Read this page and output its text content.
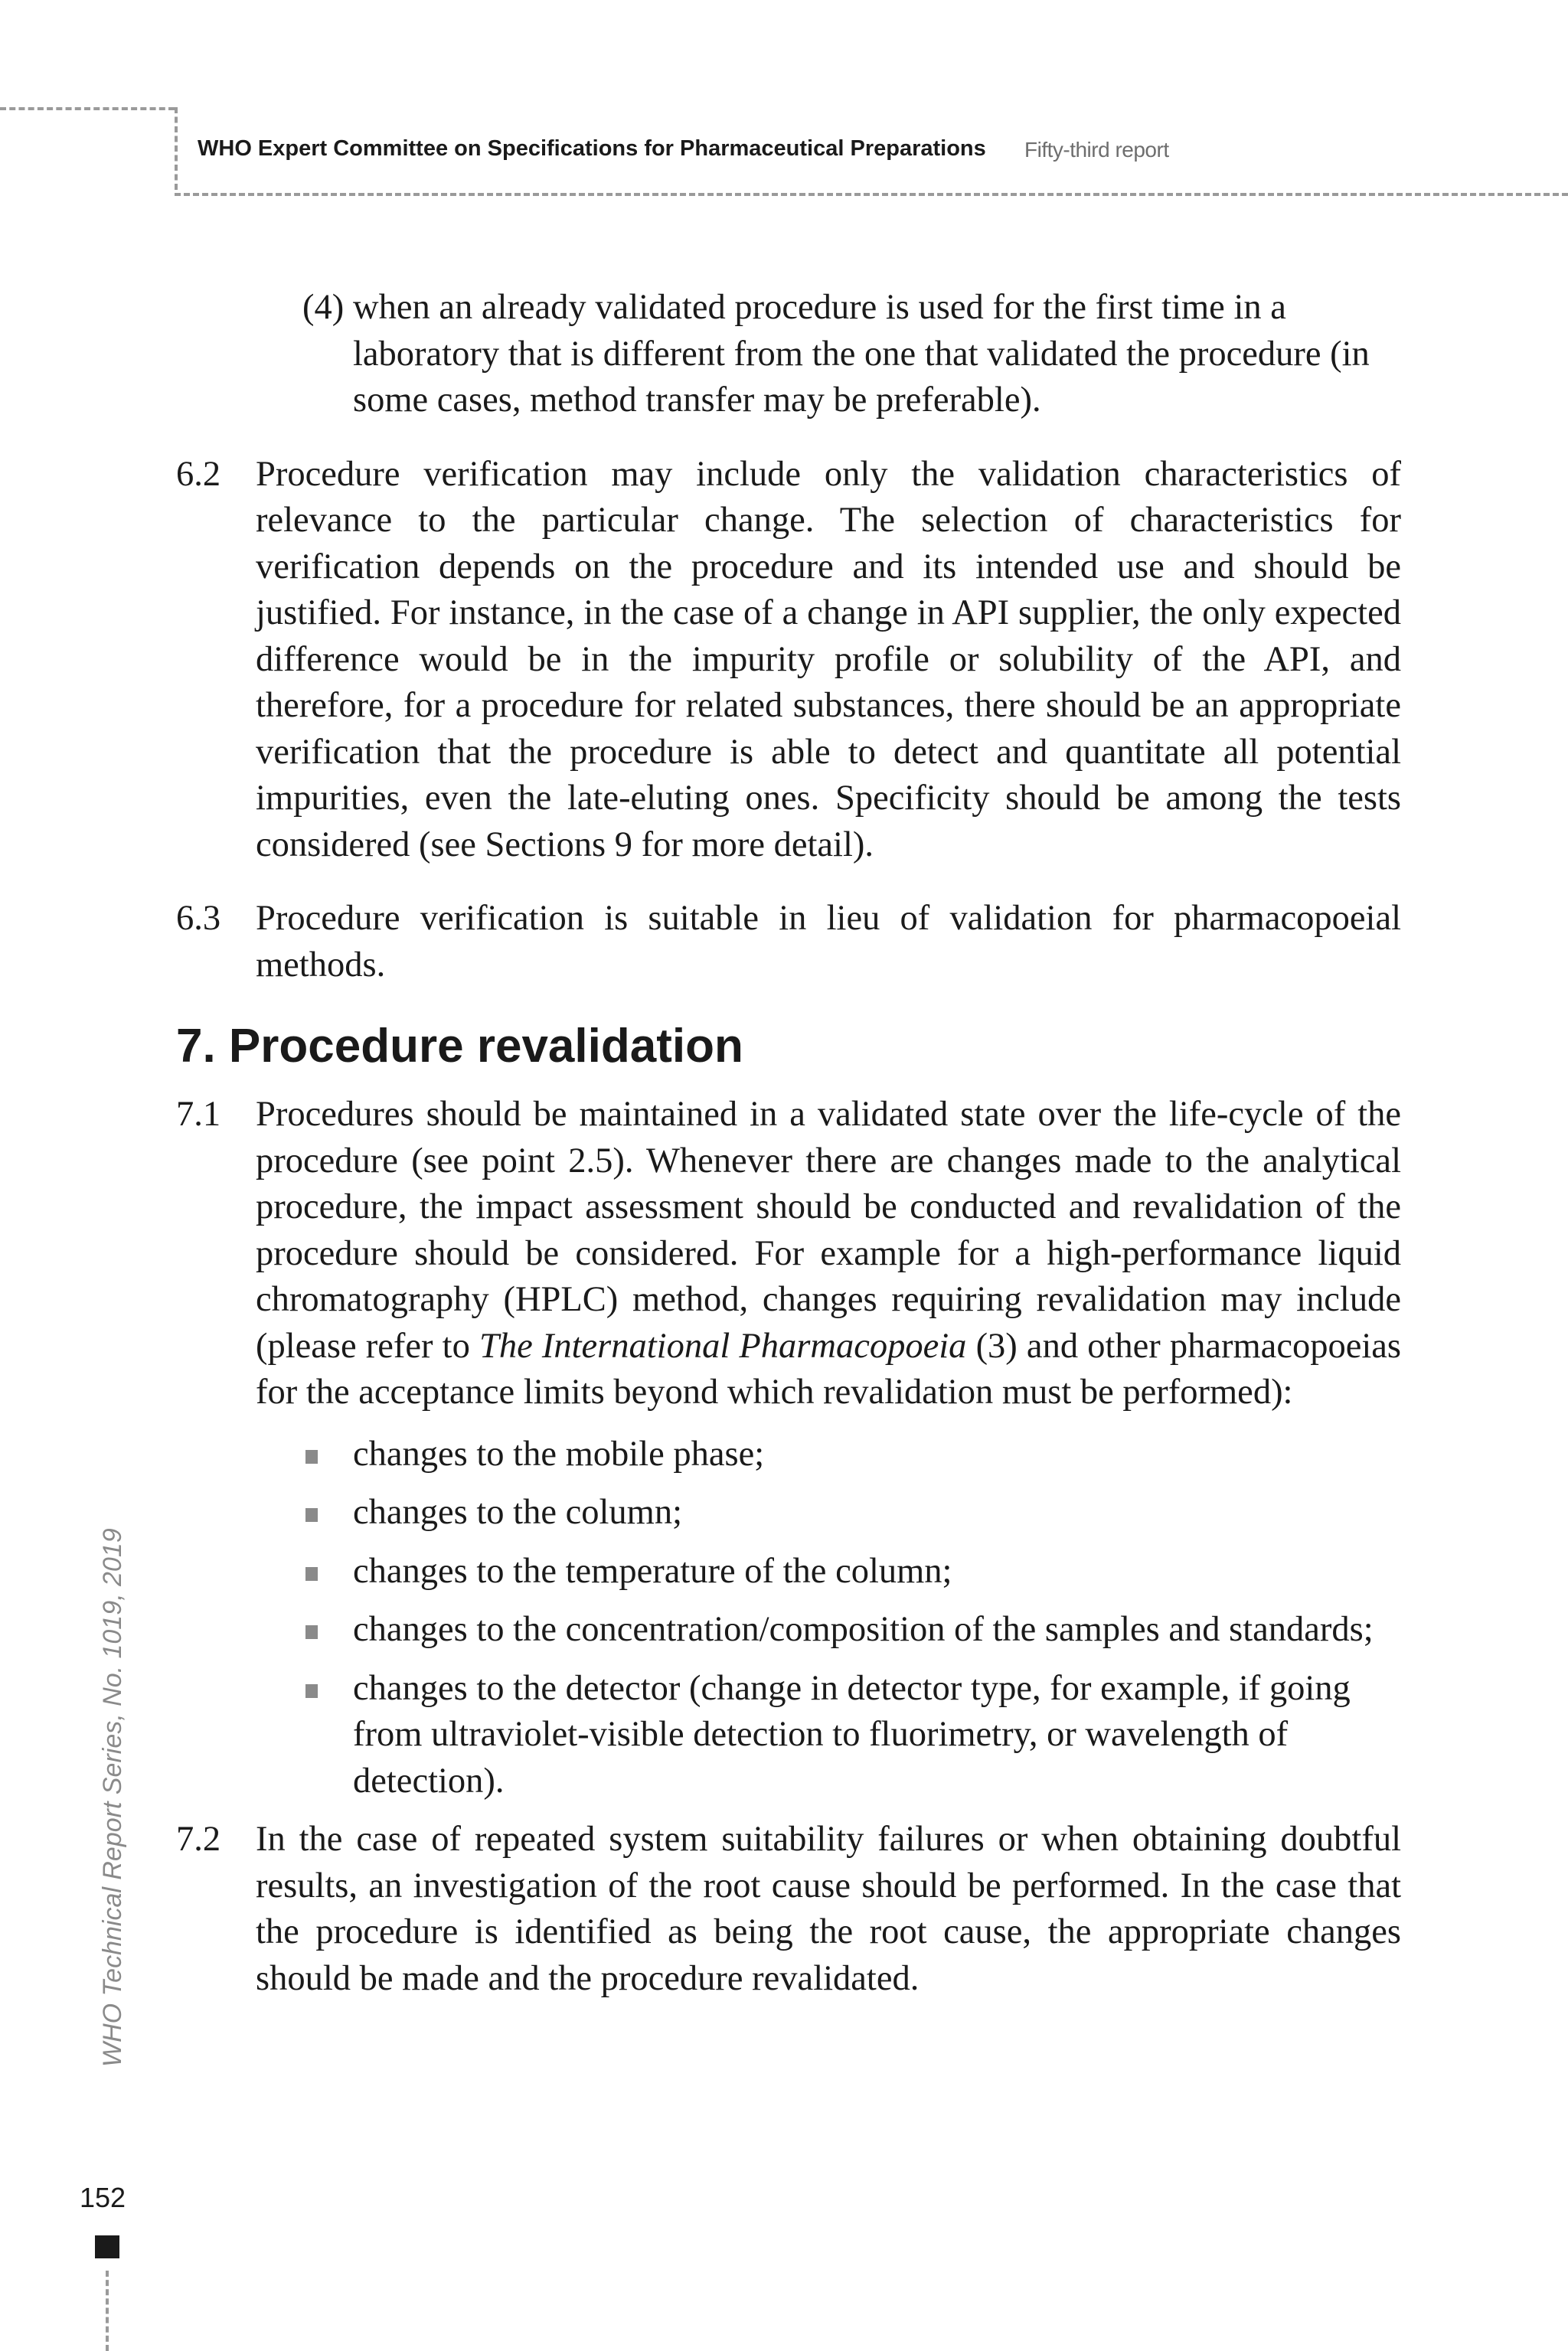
WHO Expert Committee on Specifications for Pharmaceutical Preparations Fifty-third report
(4) when an already validated procedure is used for the first time in a laboratory that is different from the one that validated the procedure (in some cases, method transfer may be preferable).
6.2 Procedure verification may include only the validation characteristics of relevance to the particular change. The selection of characteristics for verification depends on the procedure and its intended use and should be justified. For instance, in the case of a change in API supplier, the only expected difference would be in the impurity profile or solubility of the API, and therefore, for a procedure for related substances, there should be an appropriate verification that the procedure is able to detect and quantitate all potential impurities, even the late-eluting ones. Specificity should be among the tests considered (see Sections 9 for more detail).
6.3 Procedure verification is suitable in lieu of validation for pharmacopoeial methods.
7. Procedure revalidation
7.1 Procedures should be maintained in a validated state over the life-cycle of the procedure (see point 2.5). Whenever there are changes made to the analytical procedure, the impact assessment should be conducted and revalidation of the procedure should be considered. For example for a high-performance liquid chromatography (HPLC) method, changes requiring revalidation may include (please refer to The International Pharmacopoeia (3) and other pharmacopoeias for the acceptance limits beyond which revalidation must be performed):
changes to the mobile phase;
changes to the column;
changes to the temperature of the column;
changes to the concentration/composition of the samples and standards;
changes to the detector (change in detector type, for example, if going from ultraviolet-visible detection to fluorimetry, or wavelength of detection).
7.2 In the case of repeated system suitability failures or when obtaining doubtful results, an investigation of the root cause should be performed. In the case that the procedure is identified as being the root cause, the appropriate changes should be made and the procedure revalidated.
WHO Technical Report Series, No. 1019, 2019
152
